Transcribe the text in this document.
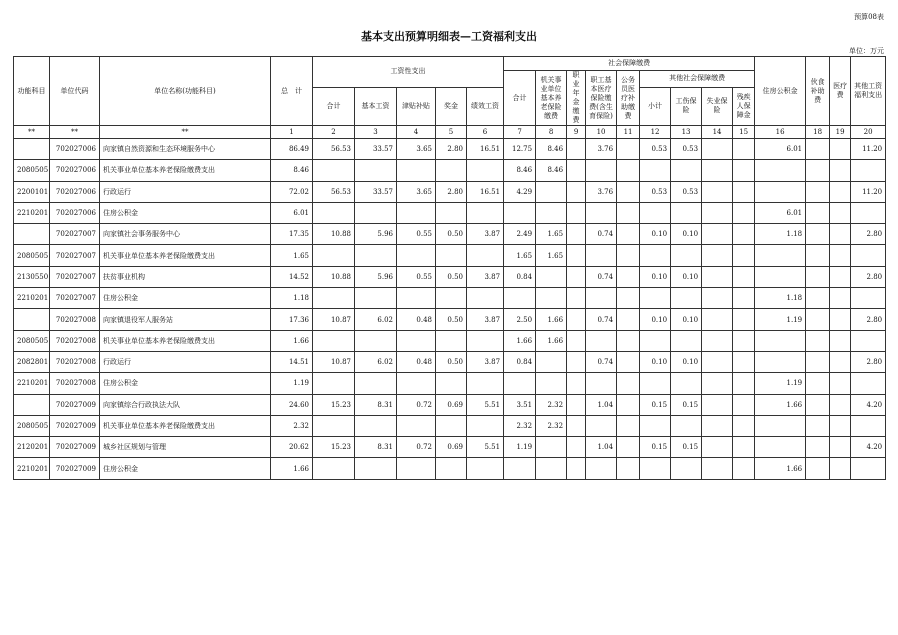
预算08表
基本支出预算明细表—工资福利支出
单位：万元
功能科目	单位代码	单位名称(功能科目)	总　计	工资性支出					社会保障缴费									住房公积金	伙食补助费	医疗费	其他工资福利支出
									合计	机关事业单位基本养老保险缴费	职业年金缴费	职工基本医疗保险缴费(含生育保险)	公务员医疗补助缴费	其他社会保障缴费							
				合计	基本工资	津贴补贴	奖金	绩效工资						小计	工伤保险	失业保险	残疾人保障金				
**	**	**	1	2	3	4	5	6	7	8	9	10	11	12	13	14	15	16	18	19	20
	702027006	向家镇自然资源和生态环境服务中心	86.49	56.53	33.57	3.65	2.80	16.51	12.75	8.46		3.76		0.53	0.53			6.01			11.20
2080505	702027006	机关事业单位基本养老保险缴费支出	8.46						8.46	8.46											
2200101	702027006	行政运行	72.02	56.53	33.57	3.65	2.80	16.51	4.29			3.76		0.53	0.53						11.20
2210201	702027006	住房公积金	6.01															6.01			
	702027007	向家镇社会事务服务中心	17.35	10.88	5.96	0.55	0.50	3.87	2.49	1.65		0.74		0.10	0.10			1.18			2.80
2080505	702027007	机关事业单位基本养老保险缴费支出	1.65						1.65	1.65											
2130550	702027007	扶贫事业机构	14.52	10.88	5.96	0.55	0.50	3.87	0.84			0.74		0.10	0.10						2.80
2210201	702027007	住房公积金	1.18															1.18			
	702027008	向家镇退役军人服务站	17.36	10.87	6.02	0.48	0.50	3.87	2.50	1.66		0.74		0.10	0.10			1.19			2.80
2080505	702027008	机关事业单位基本养老保险缴费支出	1.66						1.66	1.66											
2082801	702027008	行政运行	14.51	10.87	6.02	0.48	0.50	3.87	0.84			0.74		0.10	0.10						2.80
2210201	702027008	住房公积金	1.19															1.19			
	702027009	向家镇综合行政执法大队	24.60	15.23	8.31	0.72	0.69	5.51	3.51	2.32		1.04		0.15	0.15			1.66			4.20
2080505	702027009	机关事业单位基本养老保险缴费支出	2.32						2.32	2.32											
2120201	702027009	城乡社区规划与管理	20.62	15.23	8.31	0.72	0.69	5.51	1.19			1.04		0.15	0.15						4.20
2210201	702027009	住房公积金	1.66															1.66			
